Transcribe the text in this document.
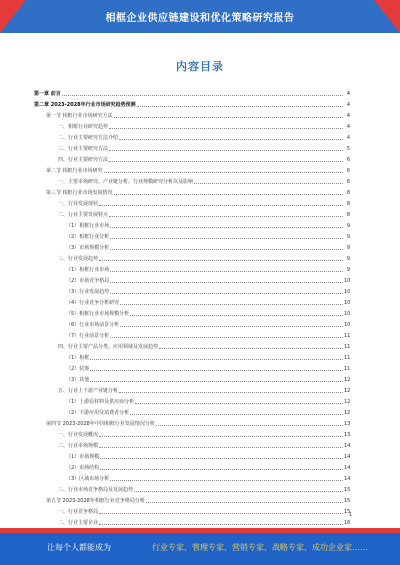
相框企业供应链建设和优化策略研究报告
内容目录
第一章 前言	4
第二章 2023-2028年行业市场研究趋势预测	4
第一节 相框行业市场研究方法	4
一、相框行业研究趋势	4
二、行业主要研究方法介绍	4
三、行业主要研究方法	5
四、行业主要研究方法	6
第二节 相框行业市场研究	6
一、主要市场研究、产业链分析、行业规模研究分析以及影响	6
第三节 相框行业市场发展情况	8
一、行业发展现状	8
二、行业主要发展特点	8
（1）相框行业市场	9
（2）相框行业分析	9
（3）市场规模分析	9
三、行业发展趋势	9
（1）相框行业市场	9
（2）市场竞争格局	10
（3）行业发展趋势	10
（4）行业竞争分析研究	10
（5）相框行业市场规模分析	10
（6）行业市场前景分析	10
（7）行业前景分析	11
四、行业主要产品分类、应用领域及发展趋势	11
（1）相框	11
（2）装饰	11
（3）其他	12
五、行业上下游产业链分析	12
（1）上游原材料及供应商分析	12
（2）下游应用及消费者分析	12
第四节 2023-2028年中国相框行业发展情况分析	13
一、行业发展概况	13
二、行业市场规模	14
（1）市场规模	14
（2）市场结构	14
（3）区域市场分析	14
三、行业市场竞争格局及发展趋势	15
第五节 2023-2028年相框行业竞争格局分析	15
一、行业竞争格局	15
二、行业主要企业	16
1
让每个人都能成为	行业专家、管理专家、营销专家、战略专家、成功企业家……
